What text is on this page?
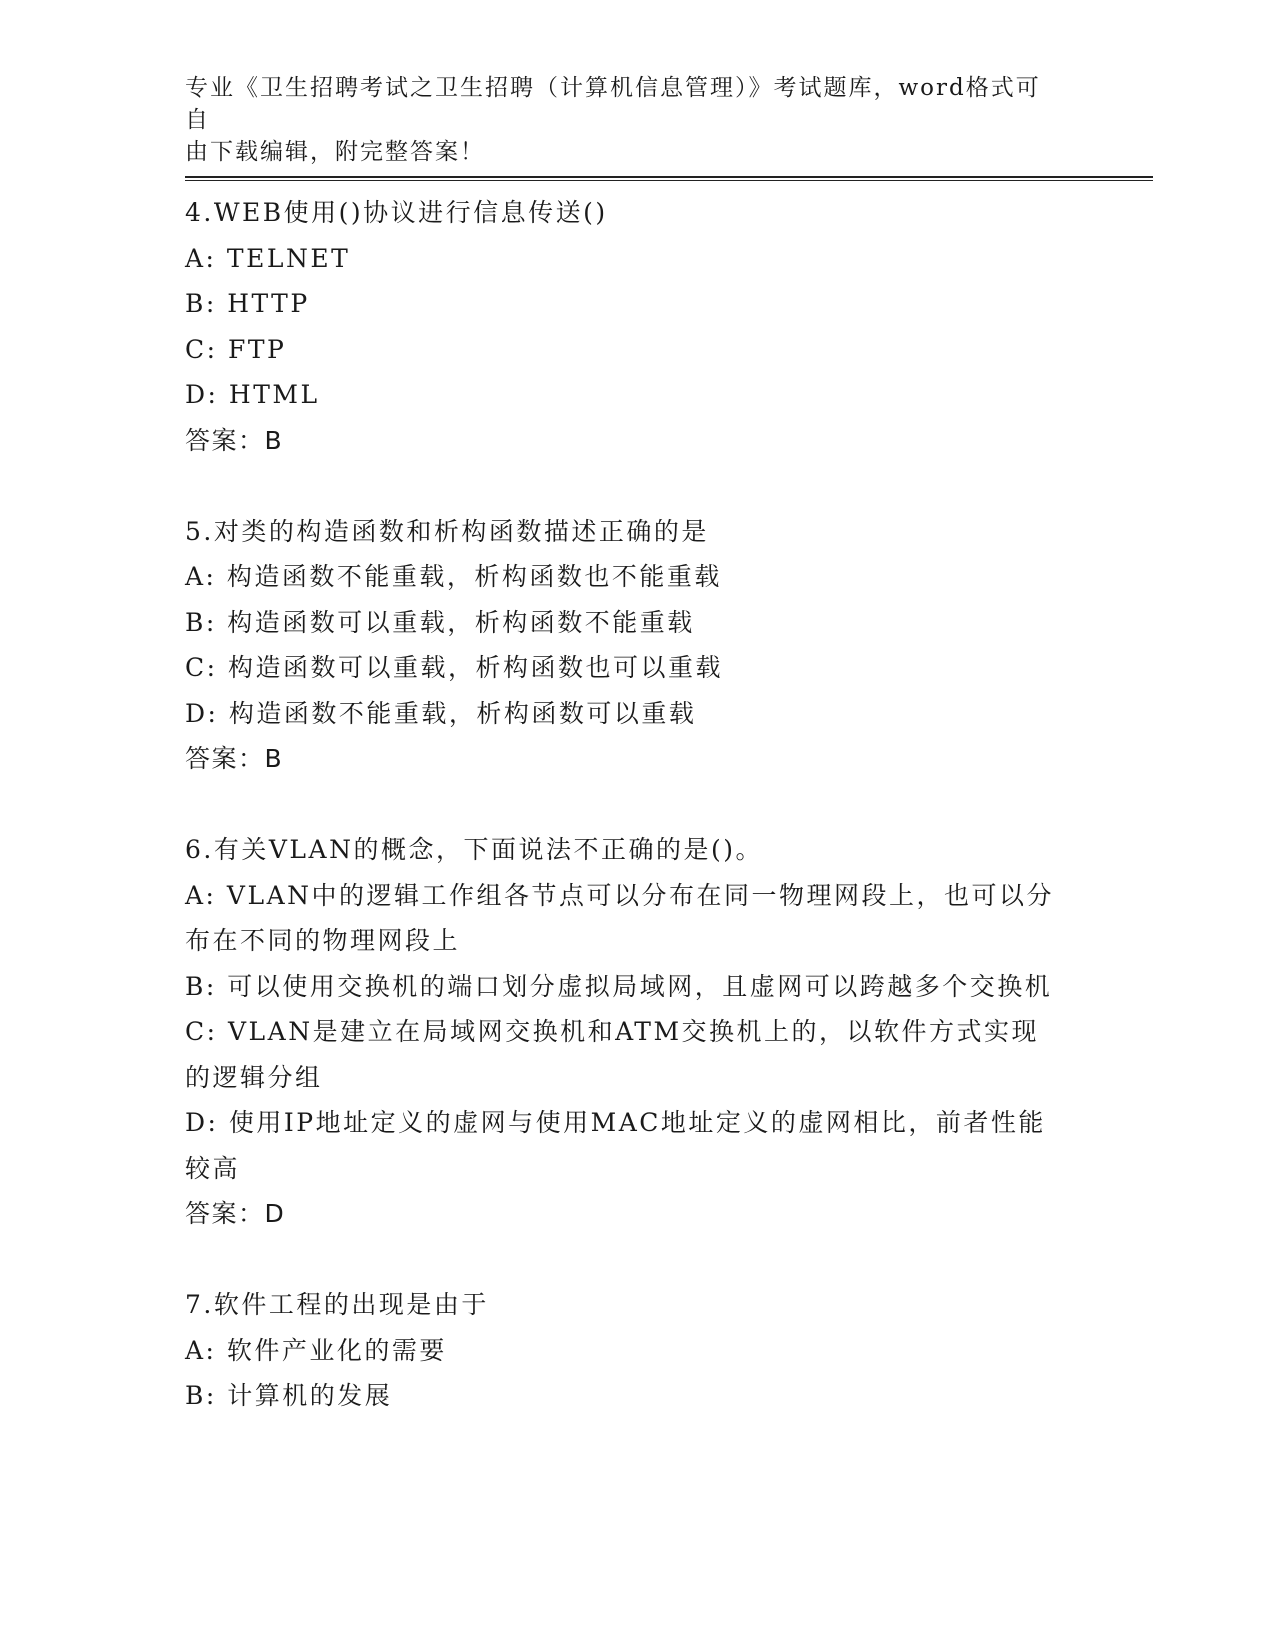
专业《卫生招聘考试之卫生招聘（计算机信息管理）》考试题库，word格式可自
由下载编辑，附完整答案！
4.WEB使用()协议进行信息传送()
A: TELNET
B: HTTP
C: FTP
D: HTML
答案：B
5.对类的构造函数和析构函数描述正确的是
A: 构造函数不能重载，析构函数也不能重载
B: 构造函数可以重载，析构函数不能重载
C: 构造函数可以重载，析构函数也可以重载
D: 构造函数不能重载，析构函数可以重载
答案：B
6.有关VLAN的概念，下面说法不正确的是()。
A: VLAN中的逻辑工作组各节点可以分布在同一物理网段上，也可以分布在不同的物理网段上
B: 可以使用交换机的端口划分虚拟局域网，且虚网可以跨越多个交换机
C: VLAN是建立在局域网交换机和ATM交换机上的，以软件方式实现的逻辑分组
D: 使用IP地址定义的虚网与使用MAC地址定义的虚网相比，前者性能较高
答案：D
7.软件工程的出现是由于
A: 软件产业化的需要
B: 计算机的发展
